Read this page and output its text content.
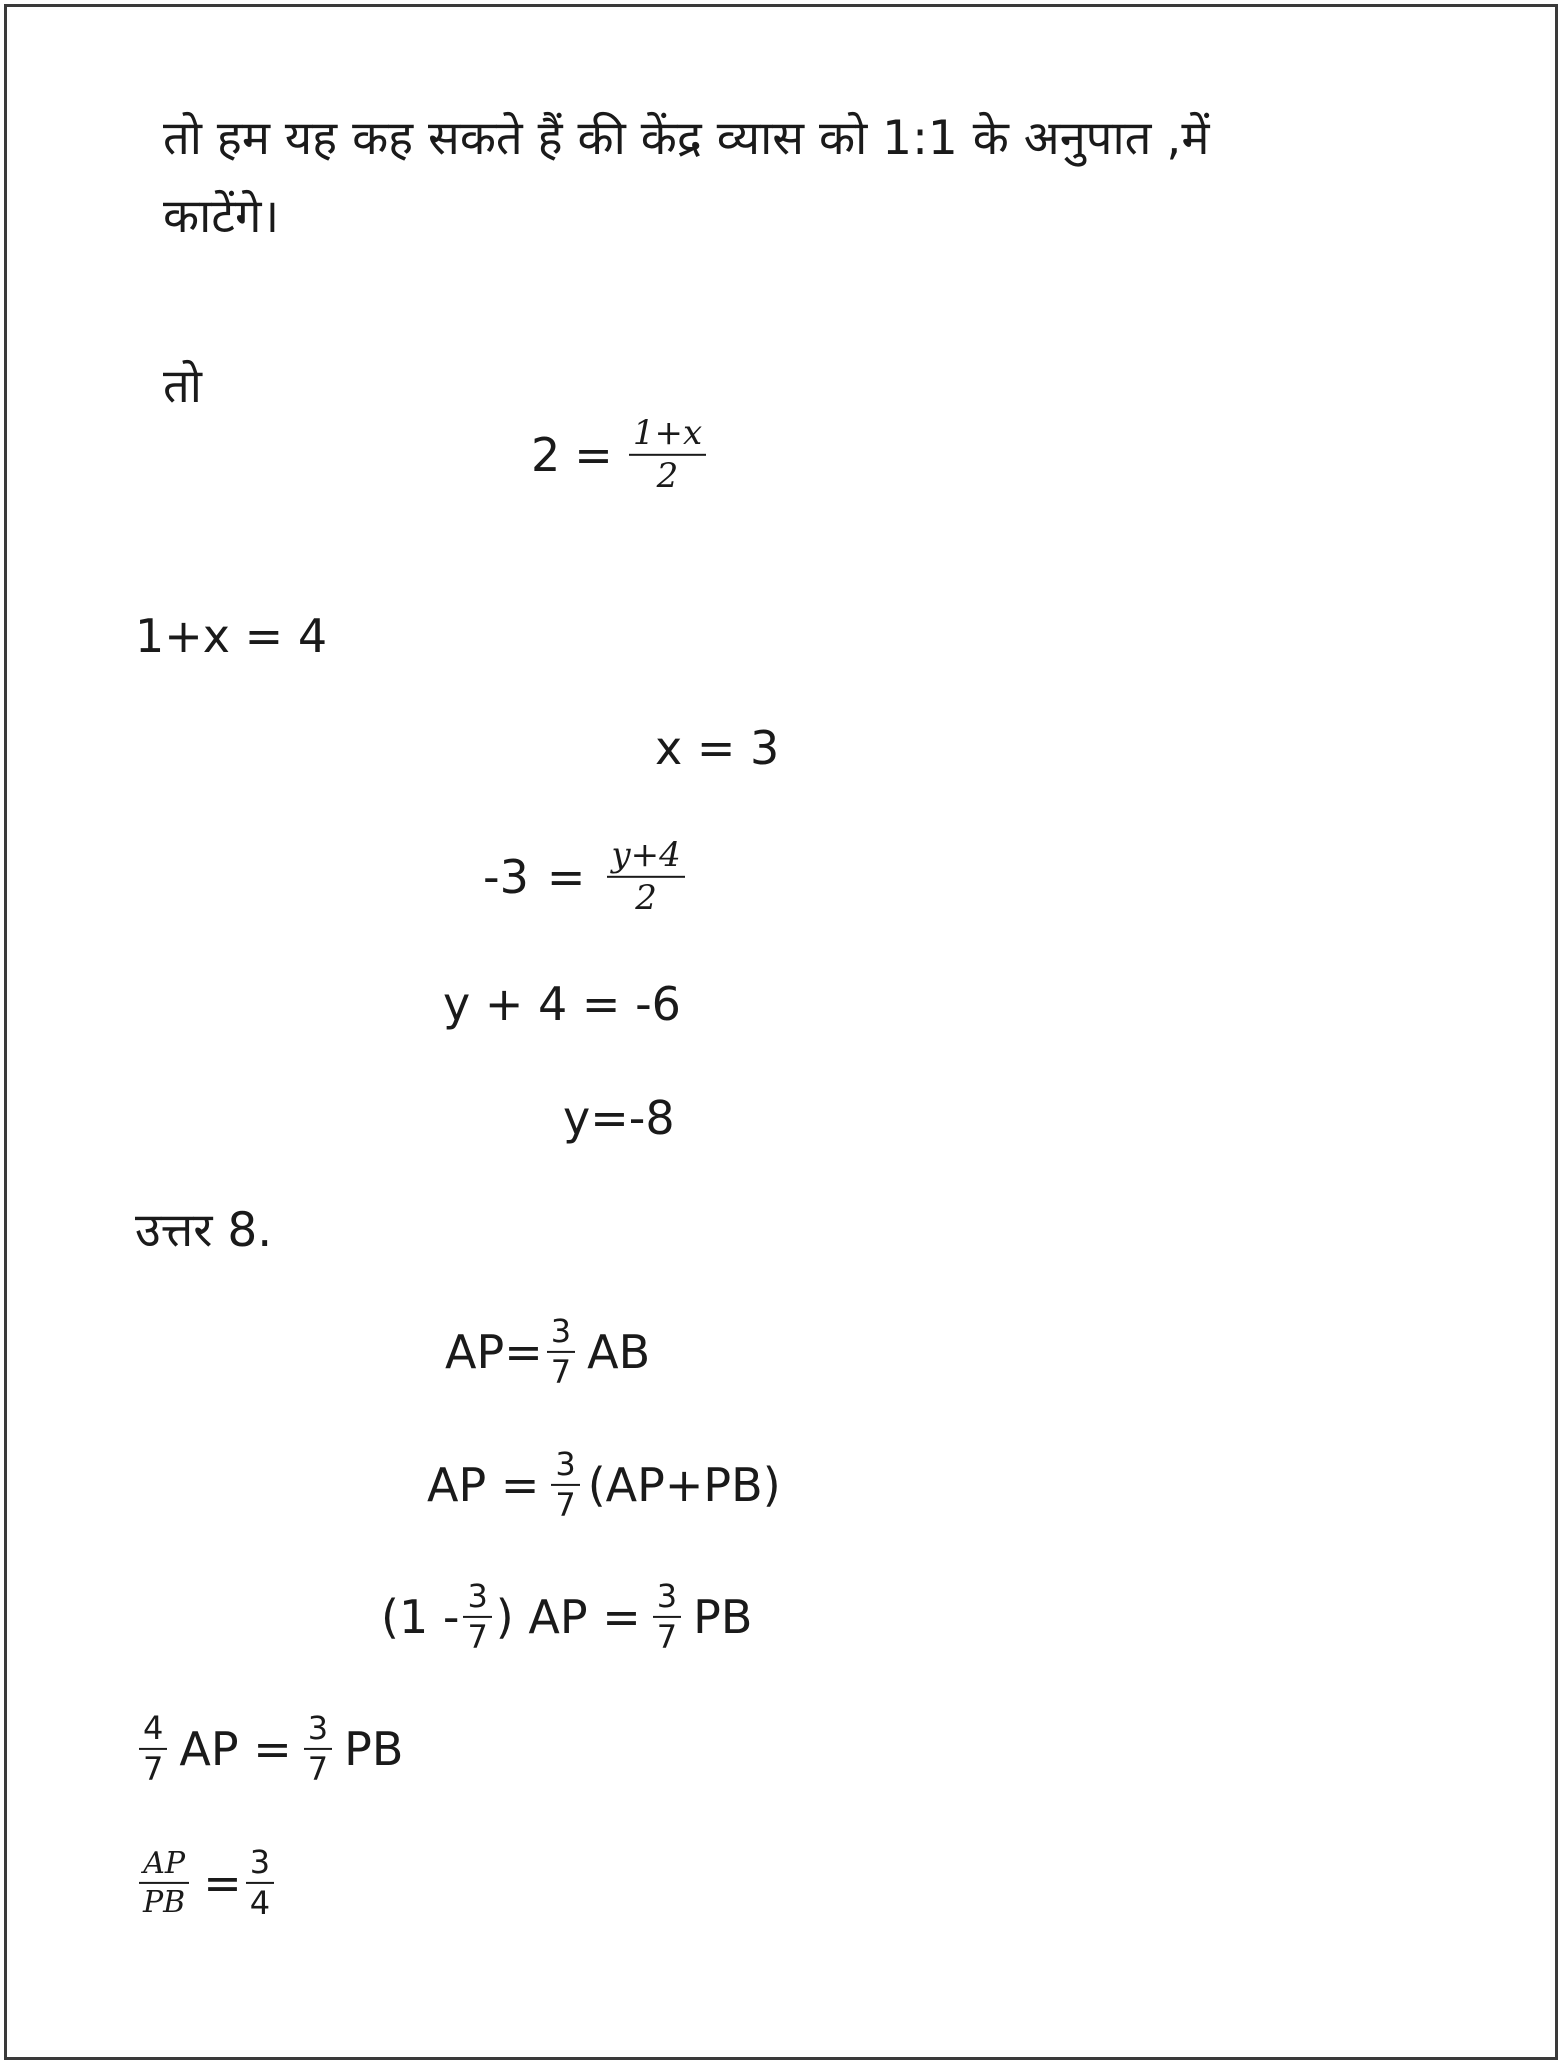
तो हम यह कह सकते हैं की केंद्र व्यास को 1:1 के अनुपात ,में
काटेंगे।
तो
$2 = \frac{1+x}{2}$
1+x = 4
x = 3
$-3 = \frac{y+4}{2}$
y + 4 = -6
y=-8
उत्तर 8.
$AP= \frac{3}{7}$ AB
AP = $\frac{3}{7} (AP+PB)$
($1 - \frac{3}{7}$ ) AP = $\frac{3}{7}$ PB
$\frac{4}{7}$ AP = $\frac{3}{7}$ PB
$\frac{AP}{PB} = \frac{3}{4}$
